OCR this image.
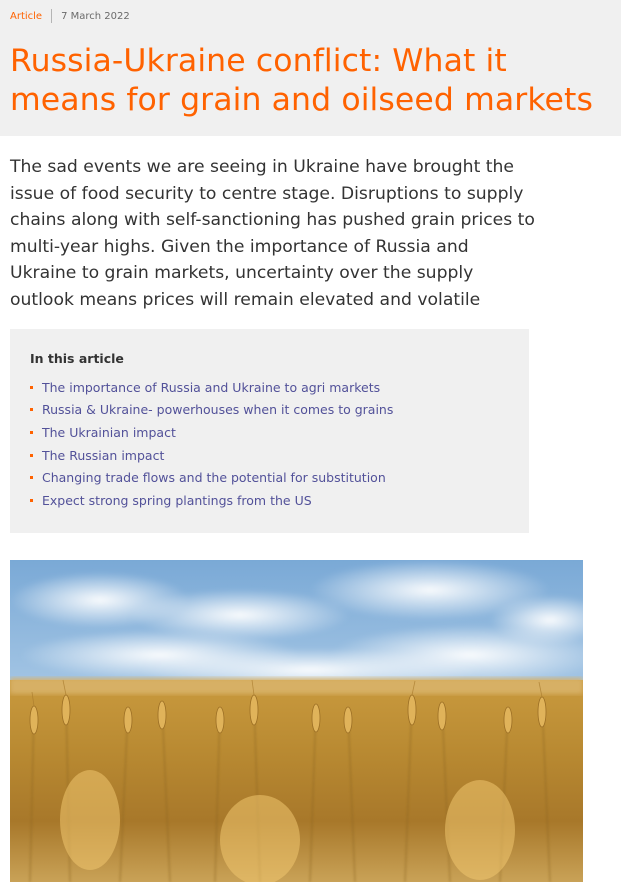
Article 7 March 2022
Russia-Ukraine conflict: What it means for grain and oilseed markets

The sad events we are seeing in Ukraine have brought the issue of food security to centre stage. Disruptions to supply chains along with self-sanctioning has pushed grain prices to multi-year highs. Given the importance of Russia and Ukraine to grain markets, uncertainty over the supply outlook means prices will remain elevated and volatile

In this article
The importance of Russia and Ukraine to agri markets
Russia & Ukraine- powerhouses when it comes to grains
The Ukrainian impact
The Russian impact
Changing trade flows and the potential for substitution
Expect strong spring plantings from the US
